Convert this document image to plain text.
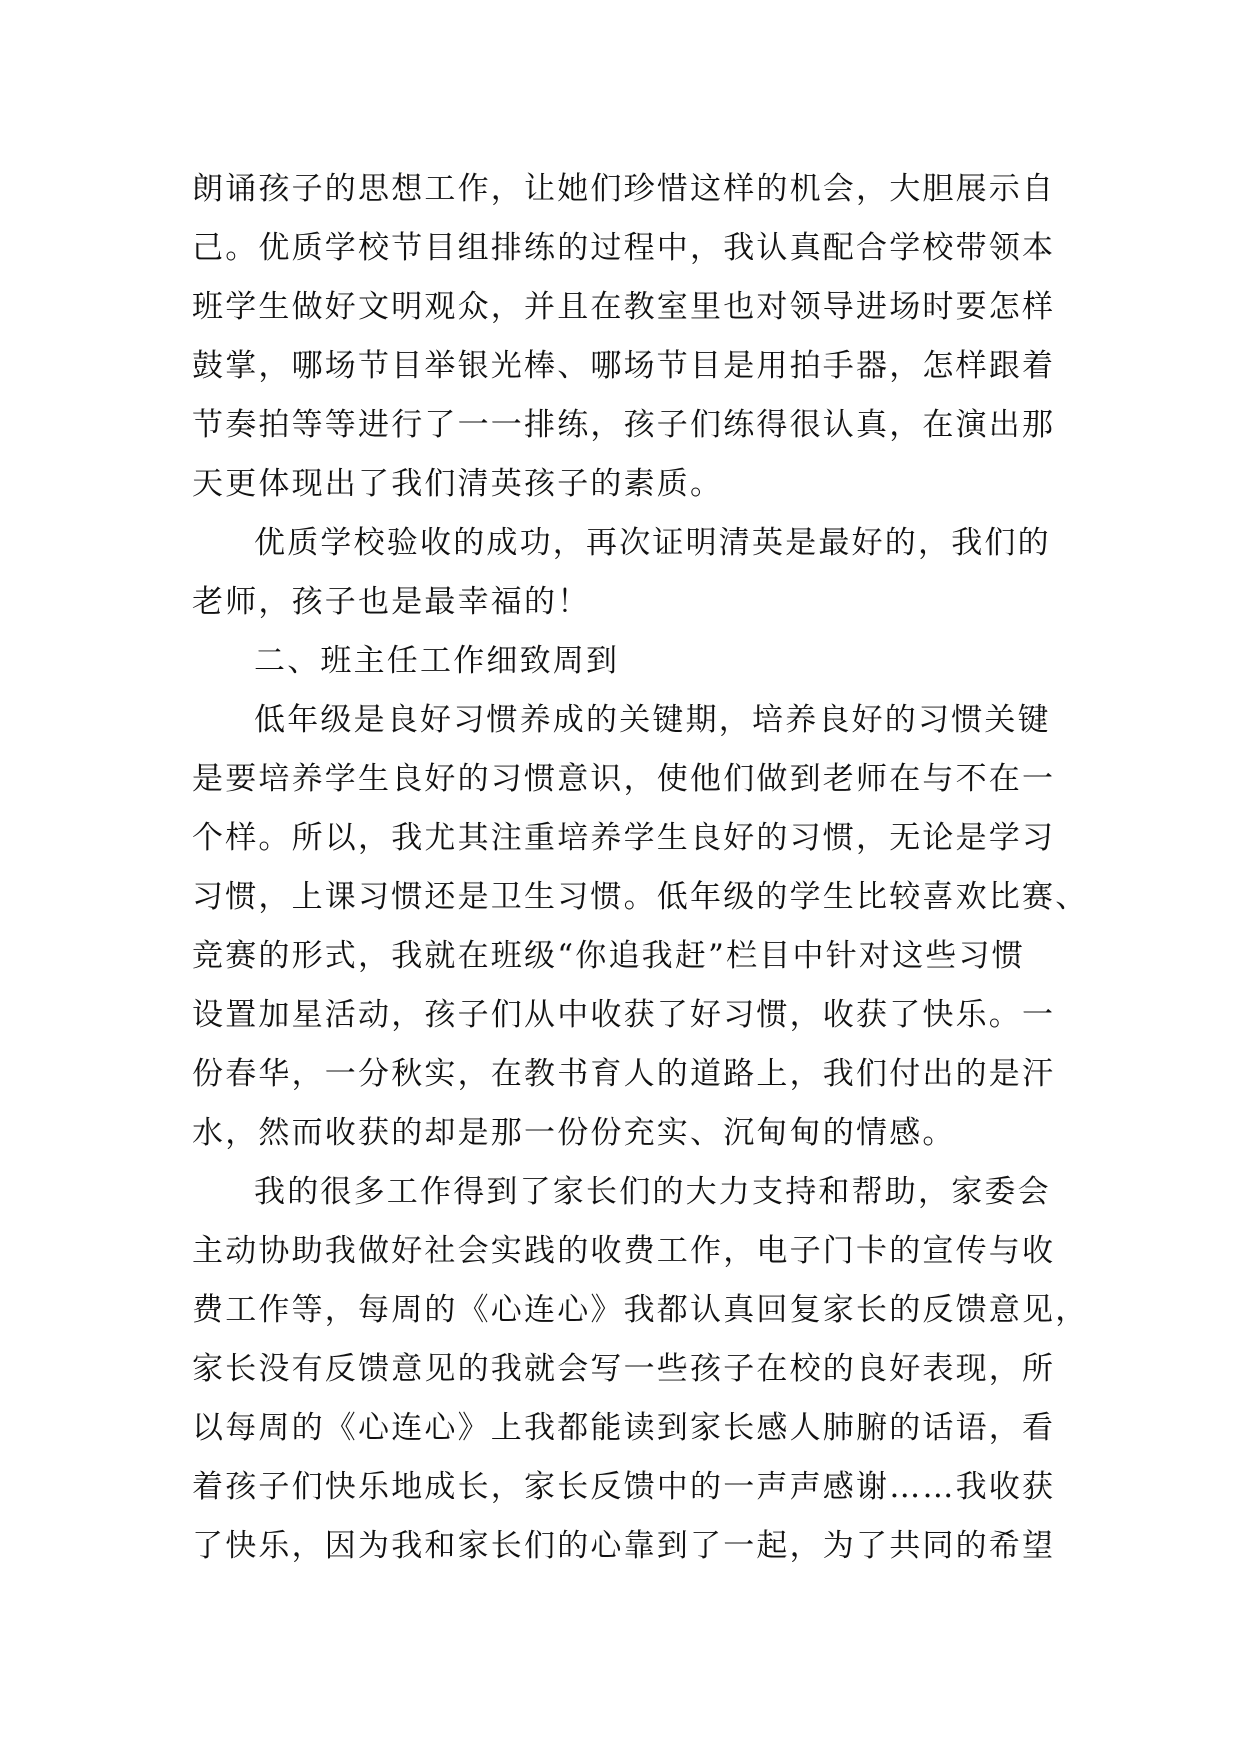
朗诵孩子的思想工作，让她们珍惜这样的机会，大胆展示自
己。优质学校节目组排练的过程中，我认真配合学校带领本
班学生做好文明观众，并且在教室里也对领导进场时要怎样
鼓掌，哪场节目举银光棒、哪场节目是用拍手器，怎样跟着
节奏拍等等进行了一一排练，孩子们练得很认真，在演出那
天更体现出了我们清英孩子的素质。
优质学校验收的成功，再次证明清英是最好的，我们的
老师，孩子也是最幸福的！
二、班主任工作细致周到
低年级是良好习惯养成的关键期，培养良好的习惯关键
是要培养学生良好的习惯意识，使他们做到老师在与不在一
个样。所以，我尤其注重培养学生良好的习惯，无论是学习
习惯，上课习惯还是卫生习惯。低年级的学生比较喜欢比赛、
竞赛的形式，我就在班级“你追我赶”栏目中针对这些习惯
设置加星活动，孩子们从中收获了好习惯，收获了快乐。一
份春华，一分秋实，在教书育人的道路上，我们付出的是汗
水，然而收获的却是那一份份充实、沉甸甸的情感。
我的很多工作得到了家长们的大力支持和帮助，家委会
主动协助我做好社会实践的收费工作，电子门卡的宣传与收
费工作等，每周的《心连心》我都认真回复家长的反馈意见，
家长没有反馈意见的我就会写一些孩子在校的良好表现，所
以每周的《心连心》上我都能读到家长感人肺腑的话语，看
着孩子们快乐地成长，家长反馈中的一声声感谢……我收获
了快乐，因为我和家长们的心靠到了一起，为了共同的希望
